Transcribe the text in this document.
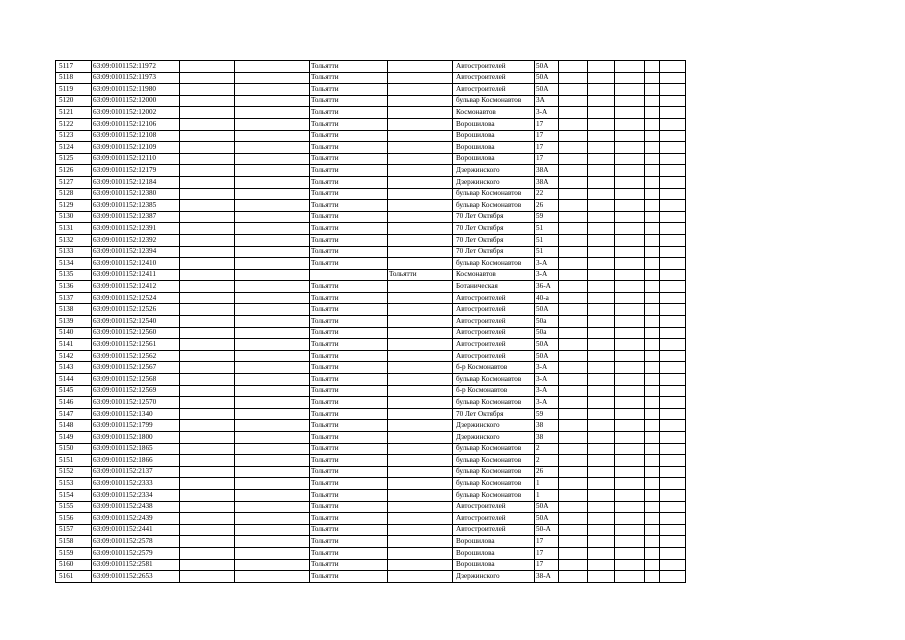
5117	63:09:0101152:11972			Тольятти		Автостроителей	50А					
5118	63:09:0101152:11973			Тольятти		Автостроителей	50А					
5119	63:09:0101152:11980			Тольятти		Автостроителей	50А					
5120	63:09:0101152:12000			Тольятти		бульвар Космонавтов	3А					
5121	63:09:0101152:12002			Тольятти		Космонавтов	3-А					
5122	63:09:0101152:12106			Тольятти		Ворошилова	17					
5123	63:09:0101152:12108			Тольятти		Ворошилова	17					
5124	63:09:0101152:12109			Тольятти		Ворошилова	17					
5125	63:09:0101152:12110			Тольятти		Ворошилова	17					
5126	63:09:0101152:12179			Тольятти		Дзержинского	38А					
5127	63:09:0101152:12184			Тольятти		Дзержинского	38А					
5128	63:09:0101152:12380			Тольятти		бульвар Космонавтов	22					
5129	63:09:0101152:12385			Тольятти		бульвар Космонавтов	26					
5130	63:09:0101152:12387			Тольятти		70 Лет Октября	59					
5131	63:09:0101152:12391			Тольятти		70 Лет Октября	51					
5132	63:09:0101152:12392			Тольятти		70 Лет Октября	51					
5133	63:09:0101152:12394			Тольятти		70 Лет Октября	51					
5134	63:09:0101152:12410			Тольятти		бульвар Космонавтов	3-А					
5135	63:09:0101152:12411				Тольятти	Космонавтов	3-А					
5136	63:09:0101152:12412			Тольятти		Ботаническая	36-А					
5137	63:09:0101152:12524			Тольятти		Автостроителей	40-а					
5138	63:09:0101152:12526			Тольятти		Автостроителей	50А					
5139	63:09:0101152:12540			Тольятти		Автостроителей	50а					
5140	63:09:0101152:12560			Тольятти		Автостроителей	50а					
5141	63:09:0101152:12561			Тольятти		Автостроителей	50А					
5142	63:09:0101152:12562			Тольятти		Автостроителей	50А					
5143	63:09:0101152:12567			Тольятти		б-р Космонавтов	3-А					
5144	63:09:0101152:12568			Тольятти		бульвар Космонавтов	3-А					
5145	63:09:0101152:12569			Тольятти		б-р Космонавтов	3-А					
5146	63:09:0101152:12570			Тольятти		бульвар Космонавтов	3-А					
5147	63:09:0101152:1340			Тольятти		70 Лет Октября	59					
5148	63:09:0101152:1799			Тольятти		Дзержинского	38					
5149	63:09:0101152:1800			Тольятти		Дзержинского	38					
5150	63:09:0101152:1865			Тольятти		бульвар Космонавтов	2					
5151	63:09:0101152:1866			Тольятти		бульвар Космонавтов	2					
5152	63:09:0101152:2137			Тольятти		бульвар Космонавтов	26					
5153	63:09:0101152:2333			Тольятти		бульвар Космонавтов	1					
5154	63:09:0101152:2334			Тольятти		бульвар Космонавтов	1					
5155	63:09:0101152:2438			Тольятти		Автостроителей	50А					
5156	63:09:0101152:2439			Тольятти		Автостроителей	50А					
5157	63:09:0101152:2441			Тольятти		Автостроителей	50-А					
5158	63:09:0101152:2578			Тольятти		Ворошилова	17					
5159	63:09:0101152:2579			Тольятти		Ворошилова	17					
5160	63:09:0101152:2581			Тольятти		Ворошилова	17					
5161	63:09:0101152:2653			Тольятти		Дзержинского	38-А					
